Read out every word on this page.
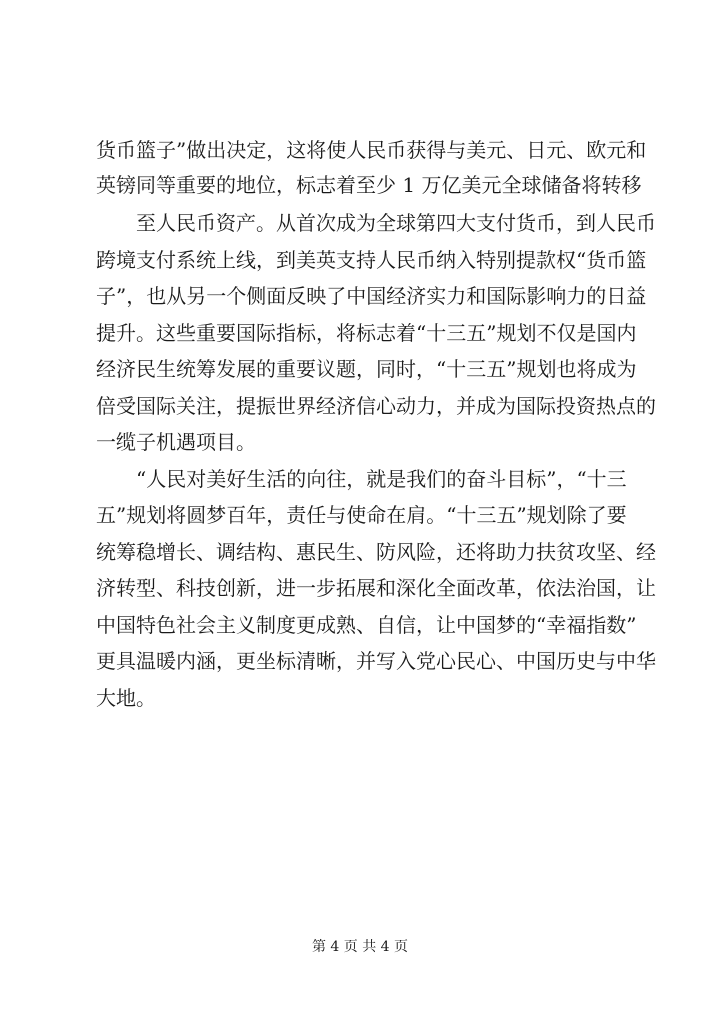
货币篮子”做出决定，这将使人民币获得与美元、日元、欧元和
英镑同等重要的地位，标志着至少 1 万亿美元全球储备将转移
至人民币资产。从首次成为全球第四大支付货币，到人民币
跨境支付系统上线，到美英支持人民币纳入特别提款权“货币篮
子”，也从另一个侧面反映了中国经济实力和国际影响力的日益
提升。这些重要国际指标，将标志着“十三五”规划不仅是国内
经济民生统筹发展的重要议题，同时，“十三五”规划也将成为
倍受国际关注，提振世界经济信心动力，并成为国际投资热点的
一缆子机遇项目。
“人民对美好生活的向往，就是我们的奋斗目标”，“十三
五”规划将圆梦百年，责任与使命在肩。“十三五”规划除了要
统筹稳增长、调结构、惠民生、防风险，还将助力扶贫攻坚、经
济转型、科技创新，进一步拓展和深化全面改革，依法治国，让
中国特色社会主义制度更成熟、自信，让中国梦的“幸福指数”
更具温暖内涵，更坐标清晰，并写入党心民心、中国历史与中华
大地。
第 4 页 共 4 页
